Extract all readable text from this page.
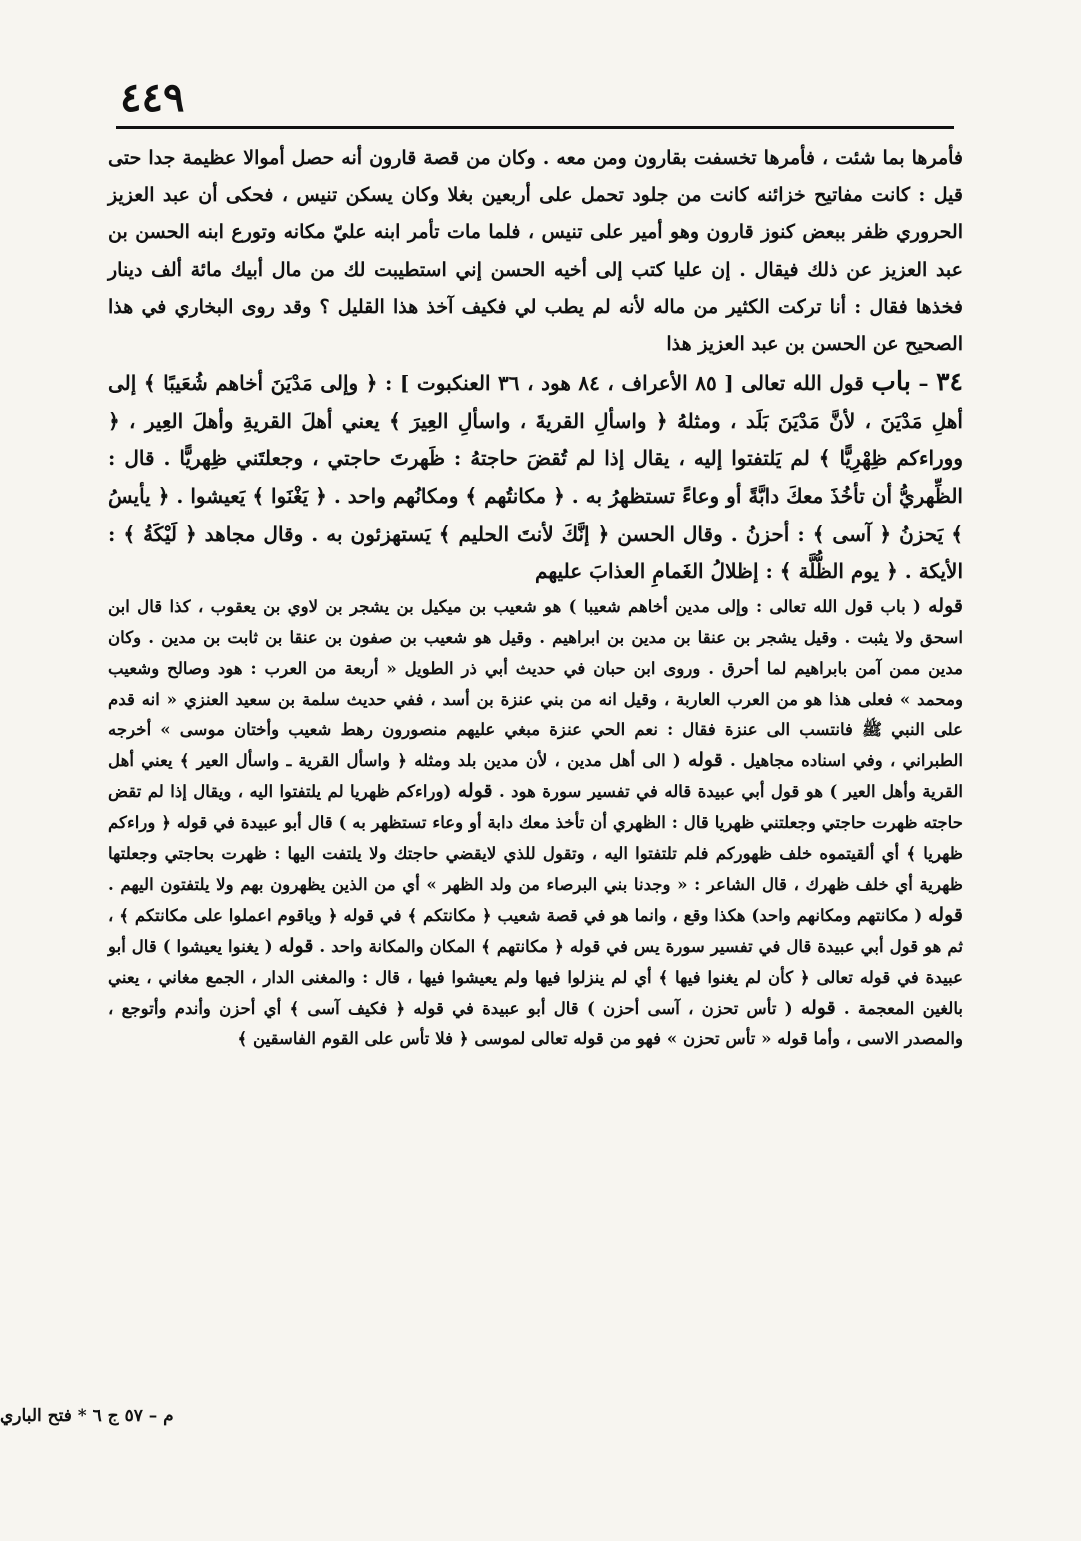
٤٤٩

فأمرها بما شئت ، فأمرها تخسفت بقارون ومن معه . وكان من قصة قارون أنه حصل أموالا عظيمة جدا حتى قيل : كانت مفاتيح خزائنه كانت من جلود تحمل على أربعين بغلا وكان يسكن تنيس ، فحكى أن عبد العزيز الحروري ظفر ببعض كنوز قارون وهو أمير على تنيس ، فلما مات تأمر ابنه عليّ مكانه وتورع ابنه الحسن بن عبد العزيز عن ذلك فيقال . إن عليا كتب إلى أخيه الحسن إني استطيبت لك من مال أبيك مائة ألف دينار فخذها فقال : أنا تركت الكثير من ماله لأنه لم يطب لي فكيف آخذ هذا القليل ؟ وقد روى البخاري في هذا الصحيح عن الحسن بن عبد العزيز هذا

٣٤ – باب قول الله تعالى [ ٨٥ الأعراف ، ٨٤ هود ، ٣٦ العنكبوت ] : ﴿ وإلى مَدْيَنَ أخاهم شُعَيبًا ﴾ إلى أهلِ مَدْيَنَ ، لأنَّ مَدْيَنَ بَلَد ، ومثلهُ ﴿ واسألِ القريةَ ، واسألِ العِيرَ ﴾ يعني أهلَ القريةِ وأهلَ العِير ، ﴿ ووراءكم ظِهْرِيًّا ﴾ لم يَلتفتوا إليه ، يقال إذا لم تُقضَ حاجتهُ : ظَهرتَ حاجتي ، وجعلتَني ظِهريًّا . قال : الظِّهريُّ أن تأخُذَ معكَ دابَّةً أو وعاءً تستظهرُ به . ﴿ مكانتُهم ﴾ ومكانُهم واحد . ﴿ يَغْنَوا ﴾ يَعيشوا . ﴿ يأيسُ ﴾ يَحزنُ ﴿ آسى ﴾ : أحزنُ . وقال الحسن ﴿ إنَّكَ لأنتَ الحليم ﴾ يَستهزئون به . وقال مجاهد ﴿ لَيْكَةُ ﴾ : الأيكة . ﴿ يوم الظُّلَّة ﴾ : إظلالُ الغَمامِ العذابَ عليهم

قوله ( باب قول الله تعالى : وإلى مدين أخاهم شعيبا ) هو شعيب بن ميكيل بن يشجر بن لاوي بن يعقوب ، كذا قال ابن اسحق ولا يثبت . وقيل يشجر بن عنقا بن مدين بن ابراهيم . وقيل هو شعيب بن صفون بن عنقا بن ثابت بن مدين . وكان مدين ممن آمن بابراهيم لما أحرق . وروى ابن حبان في حديث أبي ذر الطويل « أربعة من العرب : هود وصالح وشعيب ومحمد » فعلى هذا هو من العرب العاربة ، وقيل انه من بني عنزة بن أسد ، ففي حديث سلمة بن سعيد العنزي « انه قدم على النبي ﷺ فانتسب الى عنزة فقال : نعم الحي عنزة مبغي عليهم منصورون رهط شعيب وأختان موسى » أخرجه الطبراني ، وفي اسناده مجاهيل . قوله ( الى أهل مدين ، لأن مدين بلد ومثله ﴿ واسأل القرية ـ واسأل العير ﴾ يعني أهل القرية وأهل العير ) هو قول أبي عبيدة قاله في تفسير سورة هود . قوله (وراءكم ظهريا لم يلتفتوا اليه ، ويقال إذا لم تقض حاجته ظهرت حاجتي وجعلتني ظهريا قال : الظهري أن تأخذ معك دابة أو وعاء تستظهر به ) قال أبو عبيدة في قوله ﴿ وراءكم ظهريا ﴾ أي ألقيتموه خلف ظهوركم فلم تلتفتوا اليه ، وتقول للذي لايقضي حاجتك ولا يلتفت اليها : ظهرت بحاجتي وجعلتها ظهرية أي خلف ظهرك ، قال الشاعر : « وجدنا بني البرصاء من ولد الظهر » أي من الذين يظهرون بهم ولا يلتفتون اليهم . قوله ( مكانتهم ومكانهم واحد) هكذا وقع ، وانما هو في قصة شعيب ﴿ مكانتكم ﴾ في قوله ﴿ وياقوم اعملوا على مكانتكم ﴾ ، ثم هو قول أبي عبيدة قال في تفسير سورة يس في قوله ﴿ مكانتهم ﴾ المكان والمكانة واحد . قوله ( يغنوا يعيشوا ) قال أبو عبيدة في قوله تعالى ﴿ كأن لم يغنوا فيها ﴾ أي لم ينزلوا فيها ولم يعيشوا فيها ، قال : والمغنى الدار ، الجمع مغاني ، يعني بالغين المعجمة . قوله ( تأس تحزن ، آسى أحزن ) قال أبو عبيدة في قوله ﴿ فكيف آسى ﴾ أي أحزن وأندم وأتوجع ، والمصدر الاسى ، وأما قوله « تأس تحزن » فهو من قوله تعالى لموسى ﴿ فلا تأس على القوم الفاسقين ﴾

م – ٥٧ ج ٦ * فتح الباري
